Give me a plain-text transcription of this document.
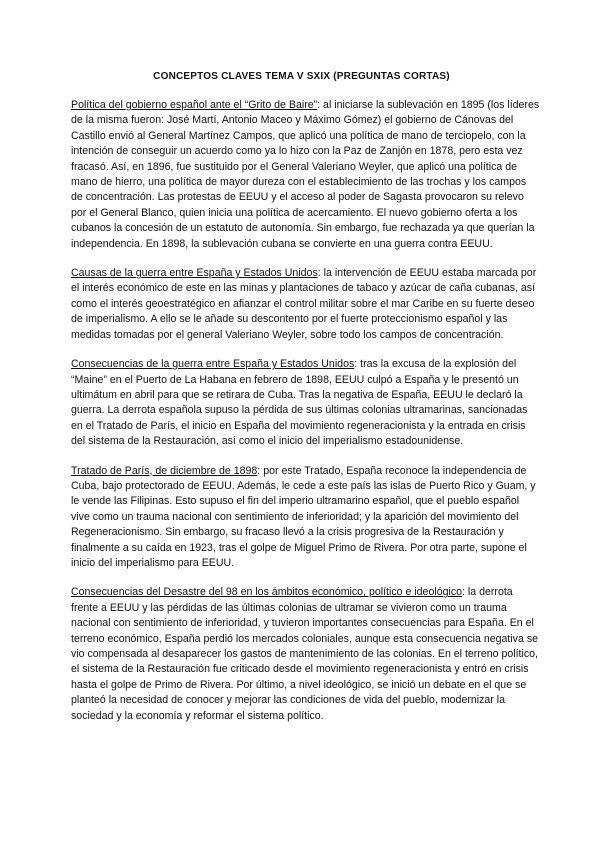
CONCEPTOS CLAVES TEMA V SXIX (PREGUNTAS CORTAS)

Política del gobierno español ante el “Grito de Baire”: al iniciarse la sublevación en 1895 (los líderes de la misma fueron: José Martí, Antonio Maceo y Máximo Gómez) el gobierno de Cánovas del Castillo envió al General Martínez Campos, que aplicó una política de mano de terciopelo, con la intención de conseguir un acuerdo como ya lo hizo con la Paz de Zanjón en 1878, pero esta vez fracasó. Así, en 1896, fue sustituido por el General Valeriano Weyler, que aplicó una política de mano de hierro, una política de mayor dureza con el establecimiento de las trochas y los campos de concentración. Las protestas de EEUU y el acceso al poder de Sagasta provocaron su relevo por el General Blanco, quien inicia una política de acercamiento. El nuevo gobierno oferta a los cubanos la concesión de un estatuto de autonomía. Sin embargo, fue rechazada ya que querían la independencia. En 1898, la sublevación cubana se convierte en una guerra contra EEUU.

Causas de la guerra entre España y Estados Unidos: la intervención de EEUU estaba marcada por el interés económico de este en las minas y plantaciones de tabaco y azúcar de caña cubanas, así como el interés geoestratégico en afianzar el control militar sobre el mar Caribe en su fuerte deseo de imperialismo. A ello se le añade su descontento por el fuerte proteccionismo español y las medidas tomadas por el general Valeriano Weyler, sobre todo los campos de concentración.

Consecuencias de la guerra entre España y Estados Unidos: tras la excusa de la explosión del “Maine” en el Puerto de La Habana en febrero de 1898, EEUU culpó a España y le presentó un ultimátum en abril para que se retirara de Cuba. Tras la negativa de España, EEUU le declaró la guerra. La derrota española supuso la pérdida de sus últimas colonias ultramarinas, sancionadas en el Tratado de París, el inicio en España del movimiento regeneracionista y la entrada en crisis del sistema de la Restauración, así como el inicio del imperialismo estadounidense.

Tratado de París, de diciembre de 1898: por este Tratado, España reconoce la independencia de Cuba, bajo protectorado de EEUU. Además, le cede a este país las islas de Puerto Rico y Guam, y le vende las Filipinas. Esto supuso el fin del imperio ultramarino español, que el pueblo español vive como un trauma nacional con sentimiento de inferioridad; y la aparición del movimiento del Regeneracionismo. Sin embargo, su fracaso llevó a la crisis progresiva de la Restauración y finalmente a su caída en 1923, tras el golpe de Miguel Primo de Rivera. Por otra parte, supone el inicio del imperialismo para EEUU.

Consecuencias del Desastre del 98 en los ámbitos económico, político e ideológico: la derrota frente a EEUU y las pérdidas de las últimas colonias de ultramar se vivieron como un trauma nacional con sentimiento de inferioridad, y tuvieron importantes consecuencias para España. En el terreno económico, España perdió los mercados coloniales, aunque esta consecuencia negativa se vio compensada al desaparecer los gastos de mantenimiento de las colonias. En el terreno político, el sistema de la Restauración fue criticado desde el movimiento regeneracionista y entró en crisis hasta el golpe de Primo de Rivera. Por último, a nivel ideológico, se inició un debate en el que se planteó la necesidad de conocer y mejorar las condiciones de vida del pueblo, modernizar la sociedad y la economía y reformar el sistema político.
